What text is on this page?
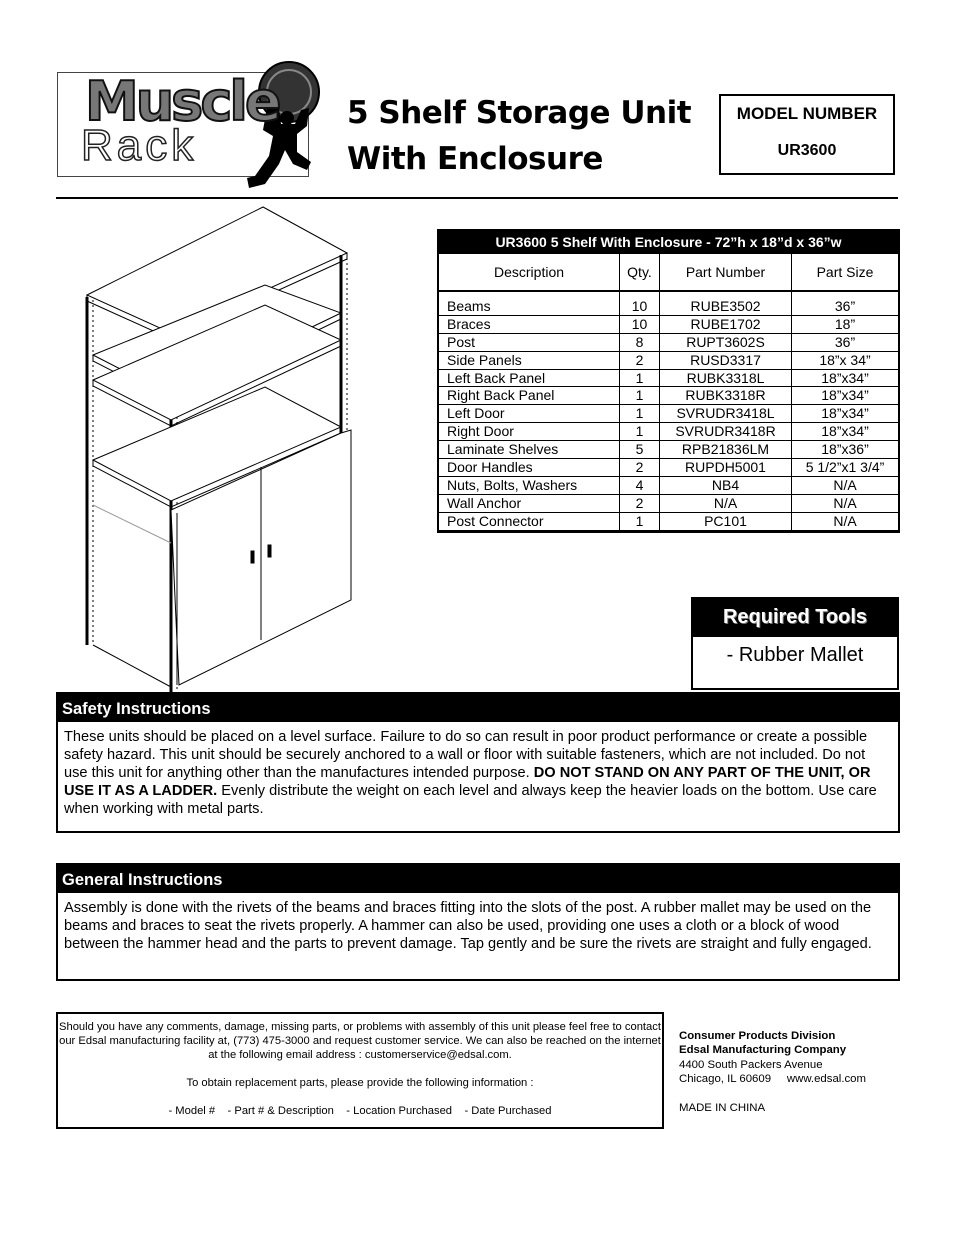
Muscle
Rack	TM
5 Shelf Storage Unit
With Enclosure
MODEL NUMBER
UR3600
UR3600 5 Shelf With Enclosure - 72”h x 18”d x 36”w
Description	Qty.	Part Number	Part Size
Beams	10	RUBE3502	36”
Braces	10	RUBE1702	18”
Post	8	RUPT3602S	36”
Side Panels	2	RUSD3317	18”x 34”
Left Back Panel	1	RUBK3318L	18”x34”
Right Back Panel	1	RUBK3318R	18”x34”
Left Door	1	SVRUDR3418L	18”x34”
Right Door	1	SVRUDR3418R	18”x34”
Laminate Shelves	5	RPB21836LM	18”x36”
Door Handles	2	RUPDH5001	5 1/2”x1 3/4”
Nuts, Bolts, Washers	4	NB4	N/A
Wall Anchor	2	N/A	N/A
Post Connector	1	PC101	N/A
Required Tools
- Rubber Mallet
Safety Instructions
These units should be placed on a level surface. Failure to do so can result in poor product performance or create a possible safety hazard. This unit should be securely anchored to a wall or floor with suitable fasteners, which are not included. Do not use this unit for anything other than the manufactures intended purpose. DO NOT STAND ON ANY PART OF THE UNIT, OR USE IT AS A LADDER. Evenly distribute the weight on each level and always keep the heavier loads on the bottom. Use care when working with metal parts.
General Instructions
Assembly is done with the rivets of the beams and braces fitting into the slots of the post. A rubber mallet may be used on the beams and braces to seat the rivets properly. A hammer can also be used, providing one uses a cloth or a block of wood between the hammer head and the parts to prevent damage. Tap gently and be sure the rivets are straight and fully engaged.

Should you have any comments, damage, missing parts, or problems with assembly of this unit please feel free to contact our Edsal manufacturing facility at, (773) 475-3000 and request customer service. We can also be reached on the internet at the following email address : customerservice@edsal.com.

To obtain replacement parts, please provide the following information :

- Model #    - Part # & Description    - Location Purchased    - Date Purchased

Consumer Products Division
Edsal Manufacturing Company
4400 South Packers Avenue
Chicago, IL 60609 www.edsal.com
MADE IN CHINA
